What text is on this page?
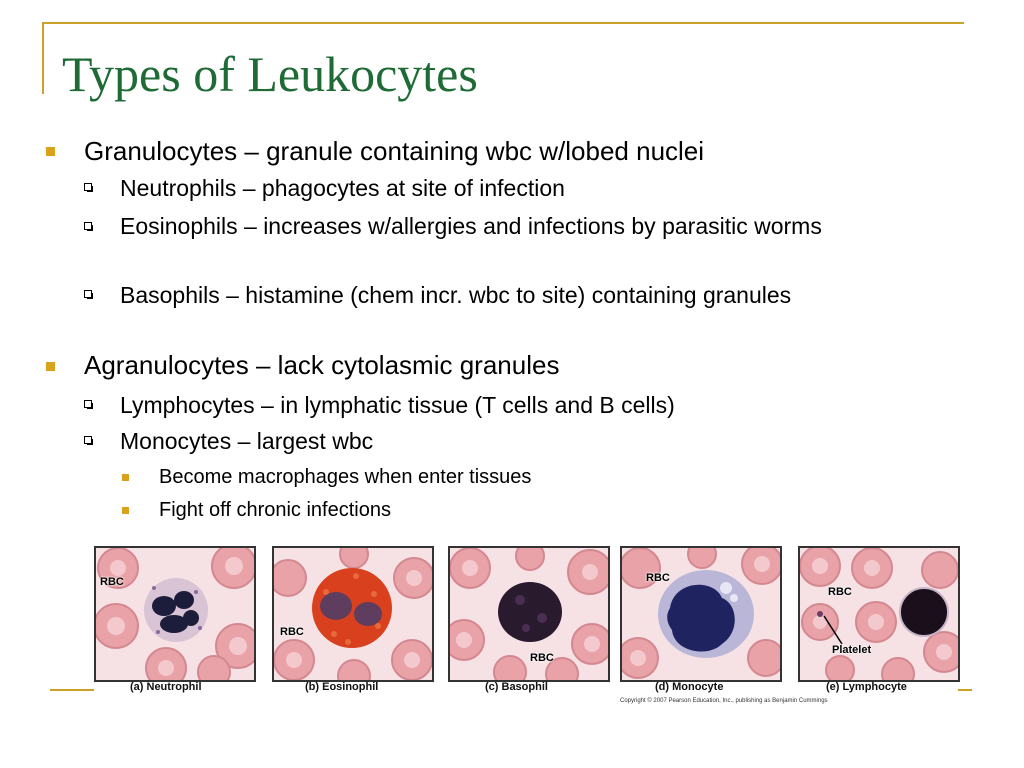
Types of Leukocytes
Granulocytes – granule containing wbc w/lobed nuclei
Neutrophils – phagocytes at site of infection
Eosinophils – increases w/allergies and infections by parasitic worms
Basophils – histamine (chem incr. wbc to site) containing granules
Agranulocytes – lack cytolasmic granules
Lymphocytes – in lymphatic tissue (T cells and B cells)
Monocytes – largest wbc
Become macrophages when enter tissues
Fight off chronic infections
RBC
RBC
RBC
RBC
RBC
Platelet
(a) Neutrophil	(b) Eosinophil	(c) Basophil	(d) Monocyte	(e) Lymphocyte
Copyright © 2007 Pearson Education, Inc., publishing as Benjamin Cummings
